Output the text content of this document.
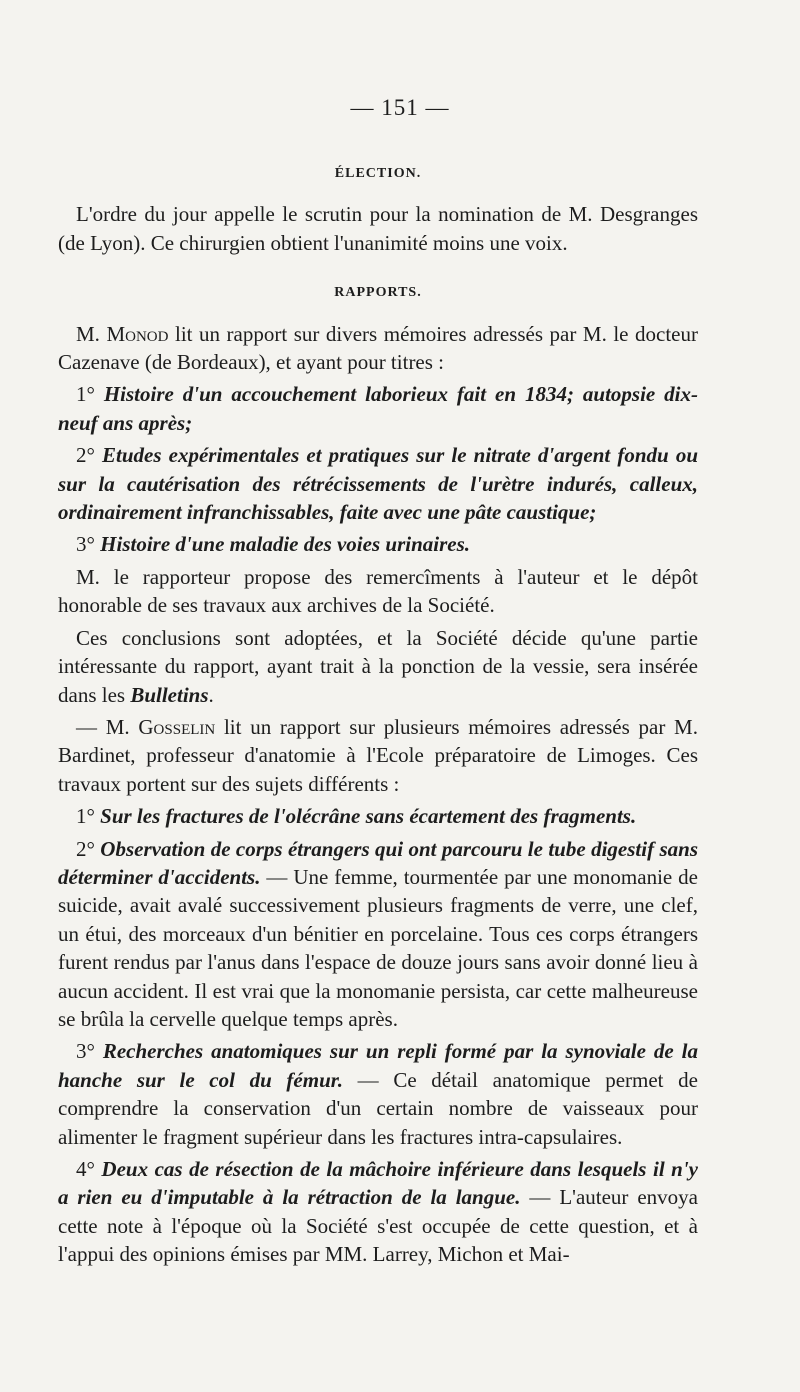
— 151 —
ÉLECTION.

L'ordre du jour appelle le scrutin pour la nomination de M. Desgranges (de Lyon). Ce chirurgien obtient l'unanimité moins une voix.

RAPPORTS.

M. Monod lit un rapport sur divers mémoires adressés par M. le docteur Cazenave (de Bordeaux), et ayant pour titres :

1° Histoire d'un accouchement laborieux fait en 1834; autopsie dix-neuf ans après;

2° Etudes expérimentales et pratiques sur le nitrate d'argent fondu ou sur la cautérisation des rétrécissements de l'urètre indurés, calleux, ordinairement infranchissables, faite avec une pâte caustique;

3° Histoire d'une maladie des voies urinaires.

M. le rapporteur propose des remercîments à l'auteur et le dépôt honorable de ses travaux aux archives de la Société.

Ces conclusions sont adoptées, et la Société décide qu'une partie intéressante du rapport, ayant trait à la ponction de la vessie, sera insérée dans les Bulletins.

— M. Gosselin lit un rapport sur plusieurs mémoires adressés par M. Bardinet, professeur d'anatomie à l'Ecole préparatoire de Limoges. Ces travaux portent sur des sujets différents :

1° Sur les fractures de l'olécrâne sans écartement des fragments.

2° Observation de corps étrangers qui ont parcouru le tube digestif sans déterminer d'accidents. — Une femme, tourmentée par une monomanie de suicide, avait avalé successivement plusieurs fragments de verre, une clef, un étui, des morceaux d'un bénitier en porcelaine. Tous ces corps étrangers furent rendus par l'anus dans l'espace de douze jours sans avoir donné lieu à aucun accident. Il est vrai que la monomanie persista, car cette malheureuse se brûla la cervelle quelque temps après.

3° Recherches anatomiques sur un repli formé par la synoviale de la hanche sur le col du fémur. — Ce détail anatomique permet de comprendre la conservation d'un certain nombre de vaisseaux pour alimenter le fragment supérieur dans les fractures intra-capsulaires.

4° Deux cas de résection de la mâchoire inférieure dans lesquels il n'y a rien eu d'imputable à la rétraction de la langue. — L'auteur envoya cette note à l'époque où la Société s'est occupée de cette question, et à l'appui des opinions émises par MM. Larrey, Michon et Mai-
